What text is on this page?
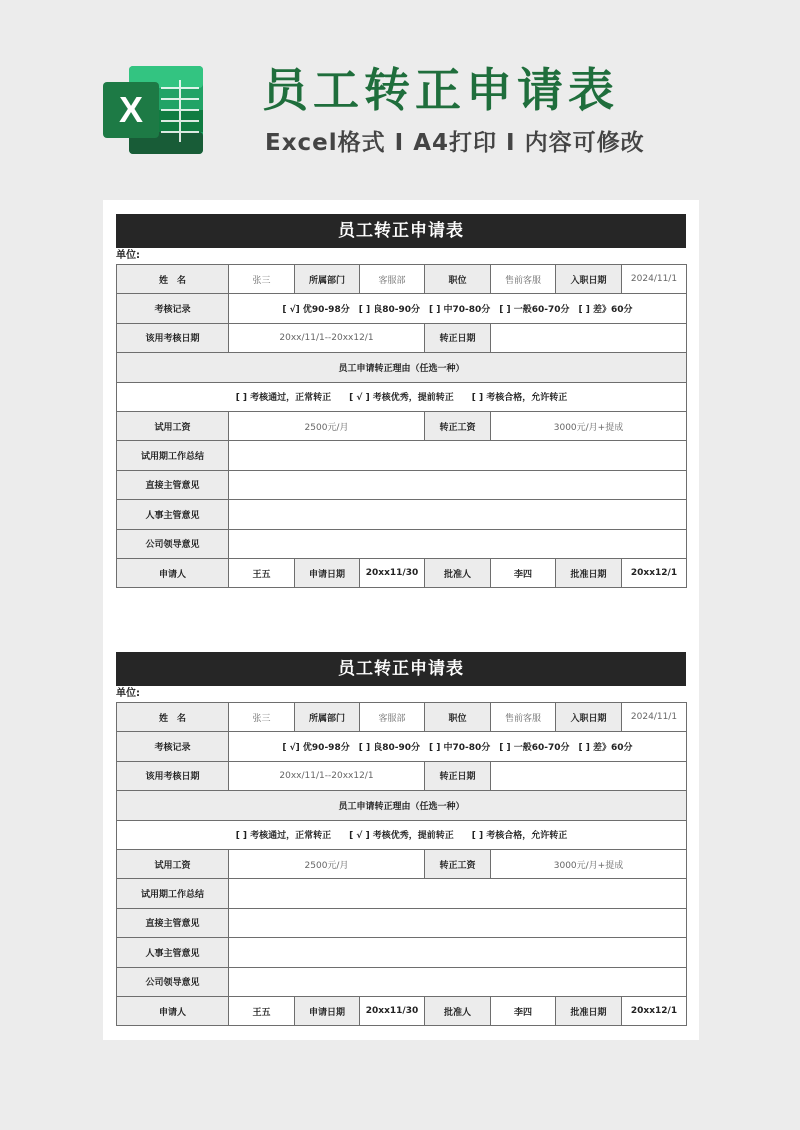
X	员工转正申请表
Excel格式 Ⅰ A4打印 Ⅰ 内容可修改
员工转正申请表
单位:
姓　名	张三	所属部门	客服部	职位	售前客服	入职日期	2024/11/1
考核记录	[ √] 优90-98分　[ ] 良80-90分　[ ] 中70-80分　[ ] 一般60-70分　[ ] 差》60分						
该用考核日期	20xx/11/1--20xx12/1			转正日期			
员工申请转正理由（任选一种）							
[ ] 考核通过，正常转正　　[ √ ] 考核优秀，提前转正　　[ ] 考核合格，允许转正							
试用工资	2500元/月			转正工资	3000元/月+提成		
试用期工作总结							
直接主管意见							
人事主管意见							
公司领导意见							
申请人	王五	申请日期	20xx11/30	批准人	李四	批准日期	20xx12/1
员工转正申请表
单位:
姓　名	张三	所属部门	客服部	职位	售前客服	入职日期	2024/11/1
考核记录	[ √] 优90-98分　[ ] 良80-90分　[ ] 中70-80分　[ ] 一般60-70分　[ ] 差》60分						
该用考核日期	20xx/11/1--20xx12/1			转正日期			
员工申请转正理由（任选一种）							
[ ] 考核通过，正常转正　　[ √ ] 考核优秀，提前转正　　[ ] 考核合格，允许转正							
试用工资	2500元/月			转正工资	3000元/月+提成		
试用期工作总结							
直接主管意见							
人事主管意见							
公司领导意见							
申请人	王五	申请日期	20xx11/30	批准人	李四	批准日期	20xx12/1
